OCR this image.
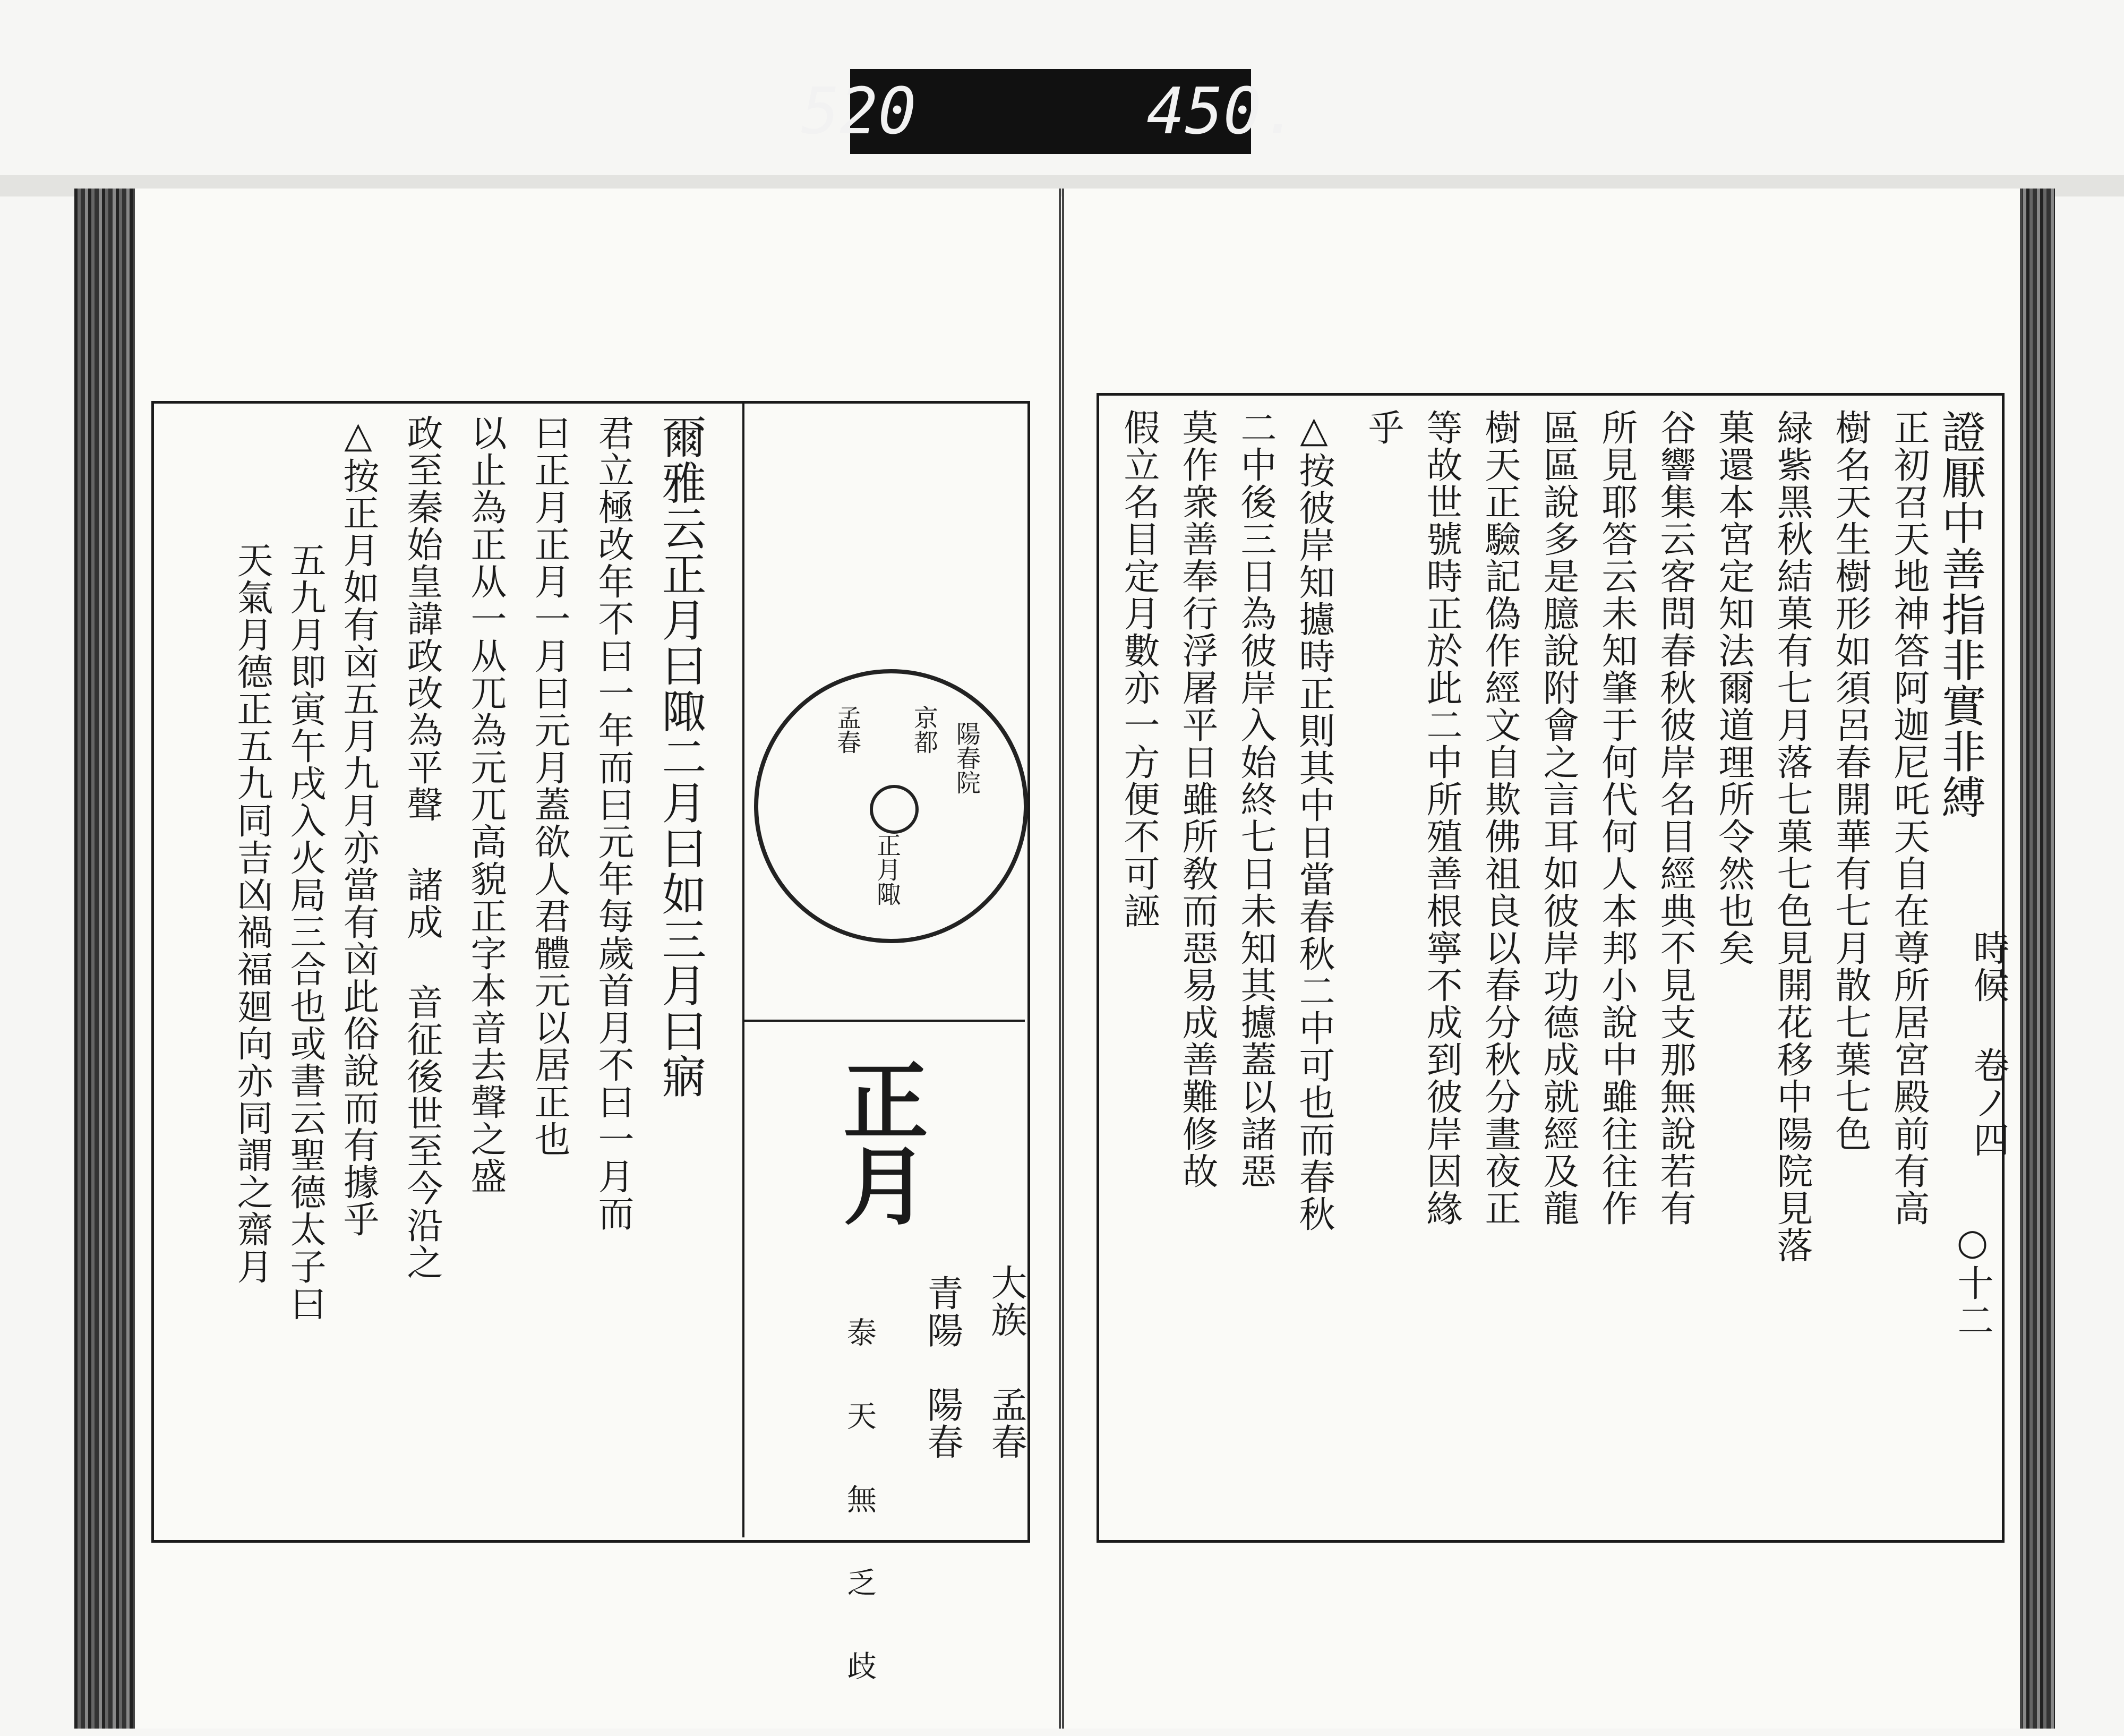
520
	450.
爾雅云正月曰陬二月曰如三月曰寎
君立極改年不曰一年而曰元年每歲首月不曰一月而
曰正月正月一月曰元月蓋欲人君體元以居正也
以止為正从一从兀為元兀高貌正字本音去聲之盛
政至秦始皇諱政改為平聲 諸成 音征後世至今沿之
△按正月如有㐫五月九月亦當有㐫此俗說而有據乎
五九月即寅午戌入火局三合也或書云聖德太子曰
天氣月德正五九同吉凶禍福廻向亦同謂之齋月	陽春院
京都
孟春
正月陬
正月
大族
孟春
青陽
陽春
泰 天 無 乏 歧
證厭中善指非實非縛
時候 卷ノ四
○十二
正初召天地神答阿迦尼吒天自在尊所居宮殿前有高
樹名天生樹形如須呂春開華有七月散七葉七色
緑紫黑秋結菓有七月落七菓七色見開花移中陽院見落
菓還本宮定知法爾道理所令然也矣
谷響集云客問春秋彼岸名目經典不見支那無說若有
所見耶答云未知肇于何代何人本邦小說中雖往往作
區區說多是臆說附會之言耳如彼岸功德成就經及龍
樹天正驗記偽作經文自欺佛祖良以春分秋分晝夜正
等故世號時正於此二中所殖善根寧不成到彼岸因緣
乎
△按彼岸知攄時正則其中日當春秋二中可也而春秋
二中後三日為彼岸入始終七日未知其攄蓋以諸惡
莫作衆善奉行浮屠平日雖所敎而惡易成善難修故
假立名目定月數亦一方便不可誣
